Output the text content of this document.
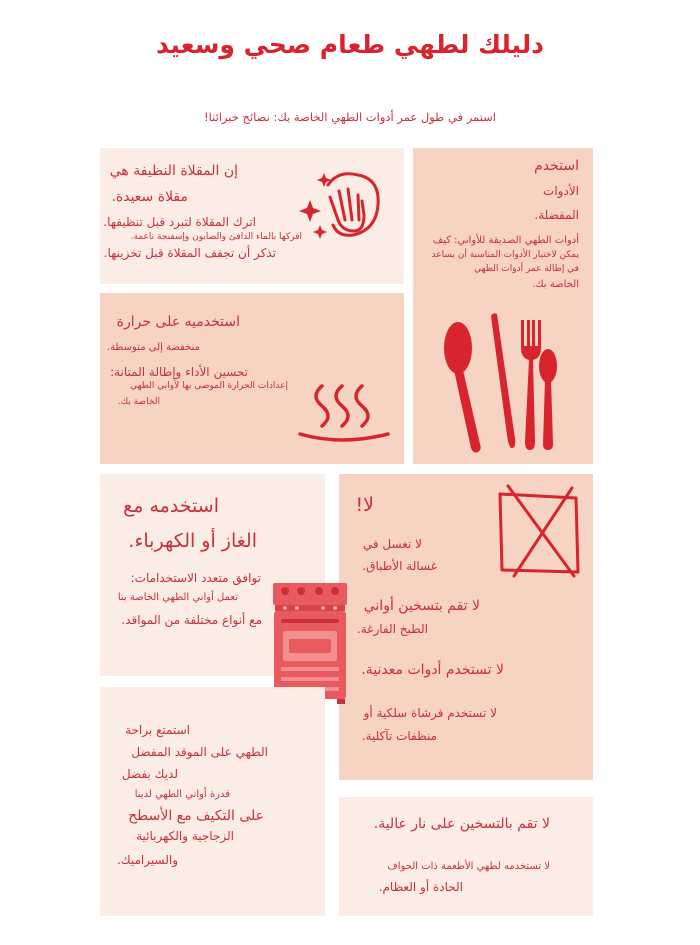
دليلك لطهي طعام صحي وسعيد
استمر في طول عمر أدوات الطهي الخاصة بك: نصائح خبرائنا!
إن المقلاة النظيفة هي
مقلاة سعيدة.
اترك المقلاة لتبرد قبل تنظيفها.
افركها بالماء الدافئ والصابون وإسفنجة ناعمة.
تذكر أن تجفف المقلاة قبل تخزينها.
استخدم
الأدوات
المفضلة.
أدوات الطهي الصديقة للأواني: كيف
يمكن لاختيار الأدوات المناسبة أن يساعد
في إطالة عمر أدوات الطهي
الخاصة بك.
استخدميه على حرارة
منخفضة إلى متوسطة.
تحسين الأداء وإطالة المتانة:
إعدادات الحرارة الموصى بها لأواني الطهي
الخاصة بك.
استخدمه مع
الغاز أو الكهرباء.
توافق متعدد الاستخدامات:
تعمل أواني الطهي الخاصة بنا
مع أنواع مختلفة من المواقد.
لا!
لا تغسل في
غسالة الأطباق.
لا تقم بتسخين أواني
الطبخ الفارغة.
لا تستخدم أدوات معدنية.
لا تستخدم فرشاة سلكية أو
منظفات تآكلية.
استمتع براحة
الطهي على الموقد المفضل
لديك بفضل
قدرة أواني الطهي لدينا
على التكيف مع الأسطح
الزجاجية والكهربائية
والسيراميك.
لا تقم بالتسخين على نار عالية.
لا تستخدمه لطهي الأطعمة ذات الحواف
الحادة أو العظام.
